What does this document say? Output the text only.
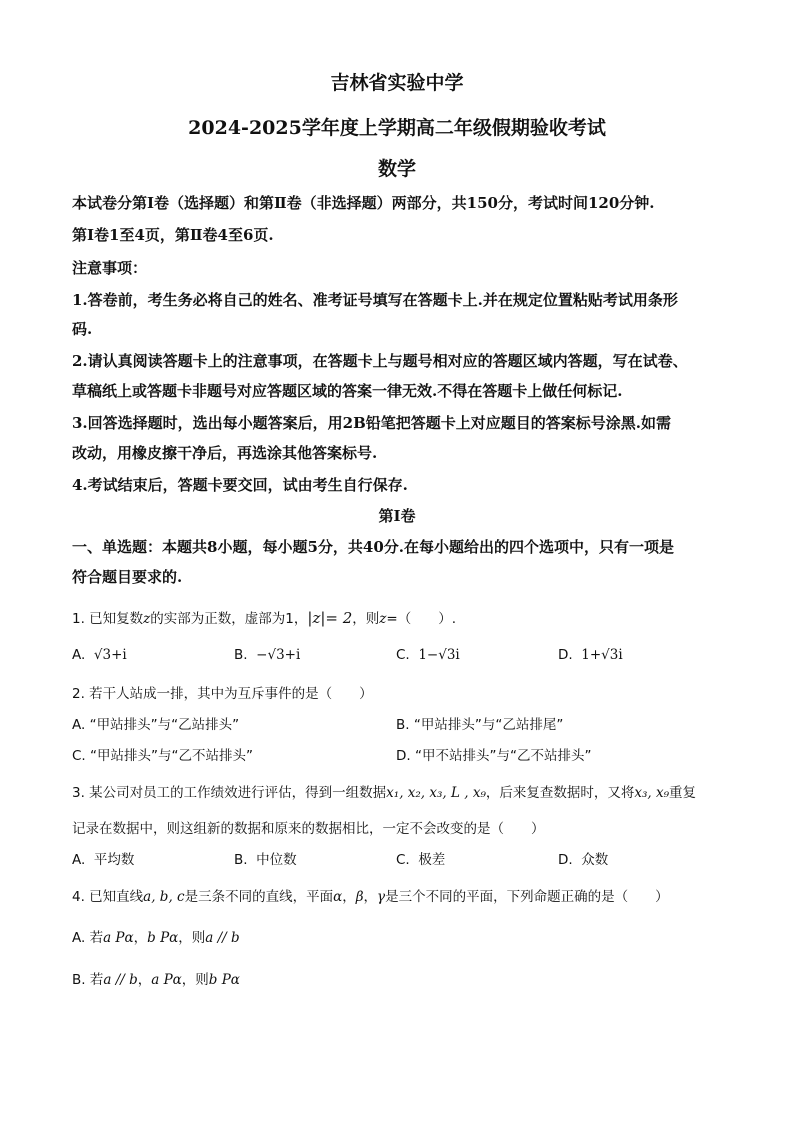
吉林省实验中学
2024-2025学年度上学期高二年级假期验收考试
数学
本试卷分第Ⅰ卷（选择题）和第Ⅱ卷（非选择题）两部分，共150分，考试时间120分钟.
第Ⅰ卷1至4页，第Ⅱ卷4至6页.
注意事项：
1.答卷前，考生务必将自己的姓名、准考证号填写在答题卡上.并在规定位置粘贴考试用条形
码.
2.请认真阅读答题卡上的注意事项，在答题卡上与题号相对应的答题区域内答题，写在试卷、
草稿纸上或答题卡非题号对应答题区域的答案一律无效.不得在答题卡上做任何标记.
3.回答选择题时，选出每小题答案后，用2B铅笔把答题卡上对应题目的答案标号涂黑.如需
改动，用橡皮擦干净后，再选涂其他答案标号.
4.考试结束后，答题卡要交回，试由考生自行保存.
第Ⅰ卷
一、单选题：本题共8小题，每小题5分，共40分.在每小题给出的四个选项中，只有一项是
符合题目要求的.
1. 已知复数z的实部为正数，虚部为1，|z|= 2，则z=（　　）.
A. √3+i	B. −√3+i	C. 1−√3i	D. 1+√3i
2. 若干人站成一排，其中为互斥事件的是（　　）
A. “甲站排头”与“乙站排头”	B. “甲站排头”与“乙站排尾”
C. “甲站排头”与“乙不站排头”	D. “甲不站排头”与“乙不站排头”
3. 某公司对员工的工作绩效进行评估，得到一组数据x₁, x₂, x₃, L , x₉，后来复查数据时，又将x₃, x₉重复
记录在数据中，则这组新的数据和原来的数据相比，一定不会改变的是（　　）
A. 平均数	B. 中位数	C. 极差	D. 众数
4. 已知直线a, b, c是三条不同的直线，平面α，β，γ是三个不同的平面，下列命题正确的是（　　）
A. 若a Pα，b Pα，则a // b
B. 若a // b，a Pα，则b Pα
